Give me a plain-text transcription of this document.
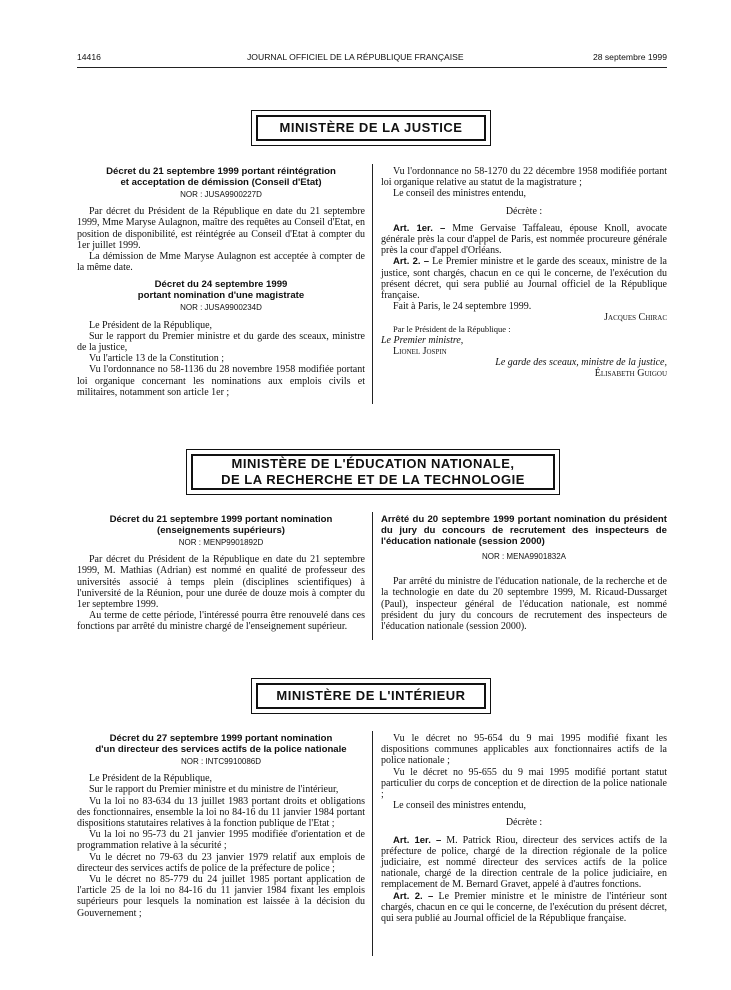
14416	JOURNAL OFFICIEL DE LA RÉPUBLIQUE FRANÇAISE	28 septembre 1999
MINISTÈRE DE LA JUSTICE
Décret du 21 septembre 1999 portant réintégration
et acceptation de démission (Conseil d'Etat)
NOR : JUSA9900227D

Par décret du Président de la République en date du 21 septembre 1999, Mme Maryse Aulagnon, maître des requêtes au Conseil d'Etat, en position de disponibilité, est réintégrée au Conseil d'Etat à compter du 1er juillet 1999.

La démission de Mme Maryse Aulagnon est acceptée à compter de la même date.

Décret du 24 septembre 1999
portant nomination d'une magistrate
NOR : JUSA9900234D

Le Président de la République,

Sur le rapport du Premier ministre et du garde des sceaux, ministre de la justice,

Vu l'article 13 de la Constitution ;

Vu l'ordonnance no 58-1136 du 28 novembre 1958 modifiée portant loi organique concernant les nominations aux emplois civils et militaires, notamment son article 1er ;

Vu l'ordonnance no 58-1270 du 22 décembre 1958 modifiée portant loi organique relative au statut de la magistrature ;

Le conseil des ministres entendu,

Décrète :

Art. 1er. – Mme Gervaise Taffaleau, épouse Knoll, avocate générale près la cour d'appel de Paris, est nommée procureure générale près la cour d'appel d'Orléans.

Art. 2. – Le Premier ministre et le garde des sceaux, ministre de la justice, sont chargés, chacun en ce qui le concerne, de l'exécution du présent décret, qui sera publié au Journal officiel de la République française.

Fait à Paris, le 24 septembre 1999.

Jacques Chirac

Par le Président de la République :

Le Premier ministre,

Lionel Jospin

Le garde des sceaux, ministre de la justice,

Élisabeth Guigou

MINISTÈRE DE L'ÉDUCATION NATIONALE,
DE LA RECHERCHE ET DE LA TECHNOLOGIE
Décret du 21 septembre 1999 portant nomination
(enseignements supérieurs)
NOR : MENP9901892D

Par décret du Président de la République en date du 21 septembre 1999, M. Mathias (Adrian) est nommé en qualité de professeur des universités associé à temps plein (disciplines scientifiques) à l'université de la Réunion, pour une durée de douze mois à compter du 1er septembre 1999.

Au terme de cette période, l'intéressé pourra être renouvelé dans ces fonctions par arrêté du ministre chargé de l'enseignement supérieur.

Arrêté du 20 septembre 1999 portant nomination du président du jury du concours de recrutement des inspecteurs de l'éducation nationale (session 2000)
NOR : MENA9901832A

Par arrêté du ministre de l'éducation nationale, de la recherche et de la technologie en date du 20 septembre 1999, M. Ricaud-Dussarget (Paul), inspecteur général de l'éducation nationale, est nommé président du jury du concours de recrutement des inspecteurs de l'éducation nationale (session 2000).

MINISTÈRE DE L'INTÉRIEUR
Décret du 27 septembre 1999 portant nomination
d'un directeur des services actifs de la police nationale
NOR : INTC9910086D

Le Président de la République,

Sur le rapport du Premier ministre et du ministre de l'intérieur,

Vu la loi no 83-634 du 13 juillet 1983 portant droits et obligations des fonctionnaires, ensemble la loi no 84-16 du 11 janvier 1984 portant dispositions statutaires relatives à la fonction publique de l'Etat ;

Vu la loi no 95-73 du 21 janvier 1995 modifiée d'orientation et de programmation relative à la sécurité ;

Vu le décret no 79-63 du 23 janvier 1979 relatif aux emplois de directeur des services actifs de police de la préfecture de police ;

Vu le décret no 85-779 du 24 juillet 1985 portant application de l'article 25 de la loi no 84-16 du 11 janvier 1984 fixant les emplois supérieurs pour lesquels la nomination est laissée à la décision du Gouvernement ;

Vu le décret no 95-654 du 9 mai 1995 modifié fixant les dispositions communes applicables aux fonctionnaires actifs de la police nationale ;

Vu le décret no 95-655 du 9 mai 1995 modifié portant statut particulier du corps de conception et de direction de la police nationale ;

Le conseil des ministres entendu,

Décrète :

Art. 1er. – M. Patrick Riou, directeur des services actifs de la préfecture de police, chargé de la direction régionale de la police judiciaire, est nommé directeur des services actifs de la police nationale, chargé de la direction centrale de la police judiciaire, en remplacement de M. Bernard Gravet, appelé à d'autres fonctions.

Art. 2. – Le Premier ministre et le ministre de l'intérieur sont chargés, chacun en ce qui le concerne, de l'exécution du présent décret, qui sera publié au Journal officiel de la République française.
